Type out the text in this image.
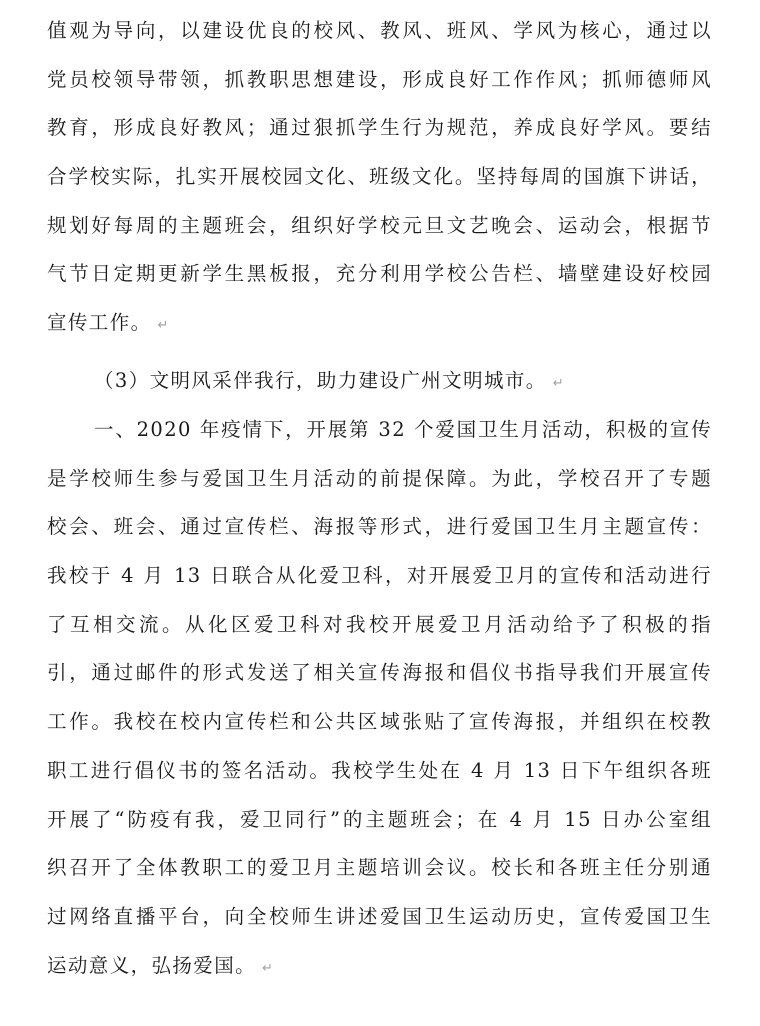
值观为导向，以建设优良的校风、教风、班风、学风为核心，通过以
党员校领导带领，抓教职思想建设，形成良好工作作风；抓师德师风
教育，形成良好教风；通过狠抓学生行为规范，养成良好学风。要结
合学校实际，扎实开展校园文化、班级文化。坚持每周的国旗下讲话，
规划好每周的主题班会，组织好学校元旦文艺晚会、运动会，根据节
气节日定期更新学生黑板报，充分利用学校公告栏、墙壁建设好校园
宣传工作。 ↵
（3）文明风采伴我行，助力建设广州文明城市。 ↵
一、2020 年疫情下，开展第 32 个爱国卫生月活动，积极的宣传
是学校师生参与爱国卫生月活动的前提保障。为此，学校召开了专题
校会、班会、通过宣传栏、海报等形式，进行爱国卫生月主题宣传：
我校于 4 月 13 日联合从化爱卫科，对开展爱卫月的宣传和活动进行
了互相交流。从化区爱卫科对我校开展爱卫月活动给予了积极的指
引，通过邮件的形式发送了相关宣传海报和倡仪书指导我们开展宣传
工作。我校在校内宣传栏和公共区域张贴了宣传海报，并组织在校教
职工进行倡仪书的签名活动。我校学生处在 4 月 13 日下午组织各班
开展了“防疫有我，爱卫同行”的主题班会；在 4 月 15 日办公室组
织召开了全体教职工的爱卫月主题培训会议。校长和各班主任分别通
过网络直播平台，向全校师生讲述爱国卫生运动历史，宣传爱国卫生
运动意义，弘扬爱国。 ↵
